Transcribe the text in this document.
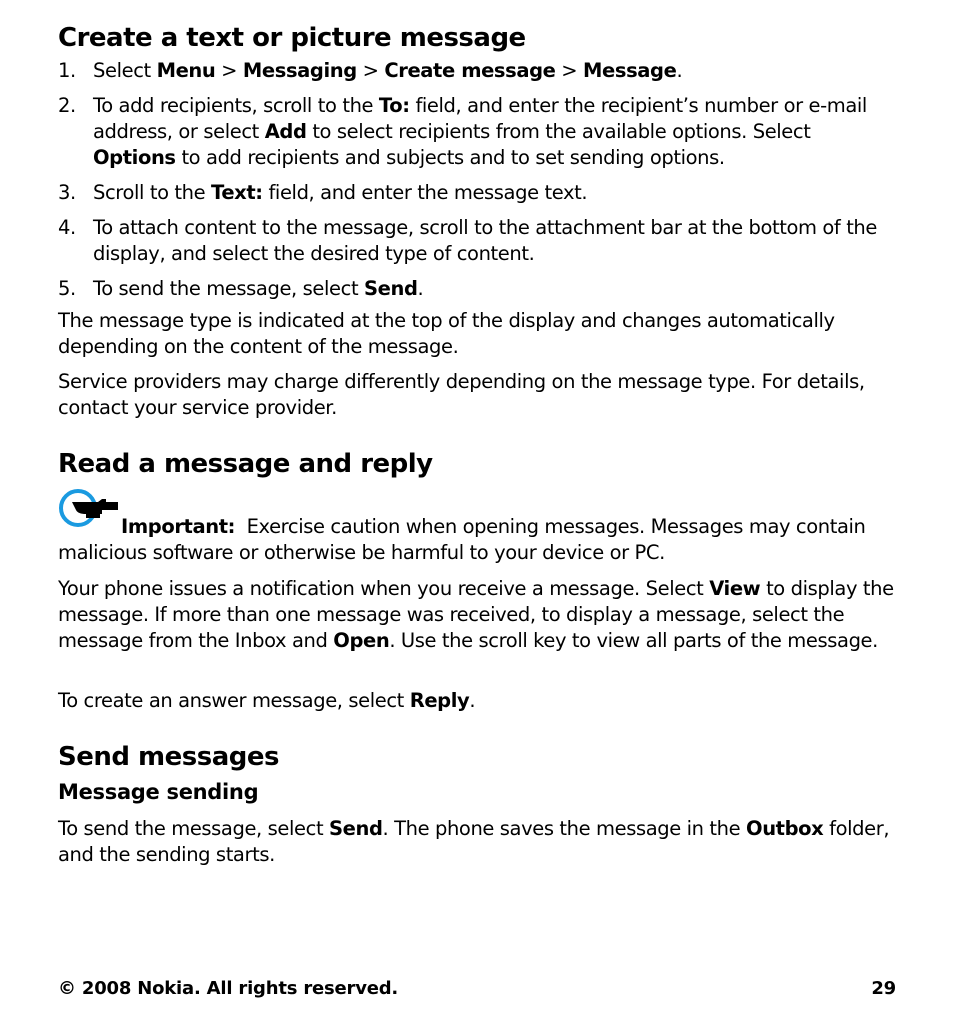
Create a text or picture message
1. Select Menu > Messaging > Create message > Message.
2. To add recipients, scroll to the To: field, and enter the recipient’s number or e-mail address, or select Add to select recipients from the available options. Select Options to add recipients and subjects and to set sending options.
3. Scroll to the Text: field, and enter the message text.
4. To attach content to the message, scroll to the attachment bar at the bottom of the display, and select the desired type of content.
5. To send the message, select Send.

The message type is indicated at the top of the display and changes automatically depending on the content of the message.

Service providers may charge differently depending on the message type. For details, contact your service provider.

Read a message and reply

Important:  Exercise caution when opening messages. Messages may contain malicious software or otherwise be harmful to your device or PC.

Your phone issues a notification when you receive a message. Select View to display the message. If more than one message was received, to display a message, select the message from the Inbox and Open. Use the scroll key to view all parts of the message.

To create an answer message, select Reply.

Send messages
Message sending

To send the message, select Send. The phone saves the message in the Outbox folder, and the sending starts.

© 2008 Nokia. All rights reserved.	29
